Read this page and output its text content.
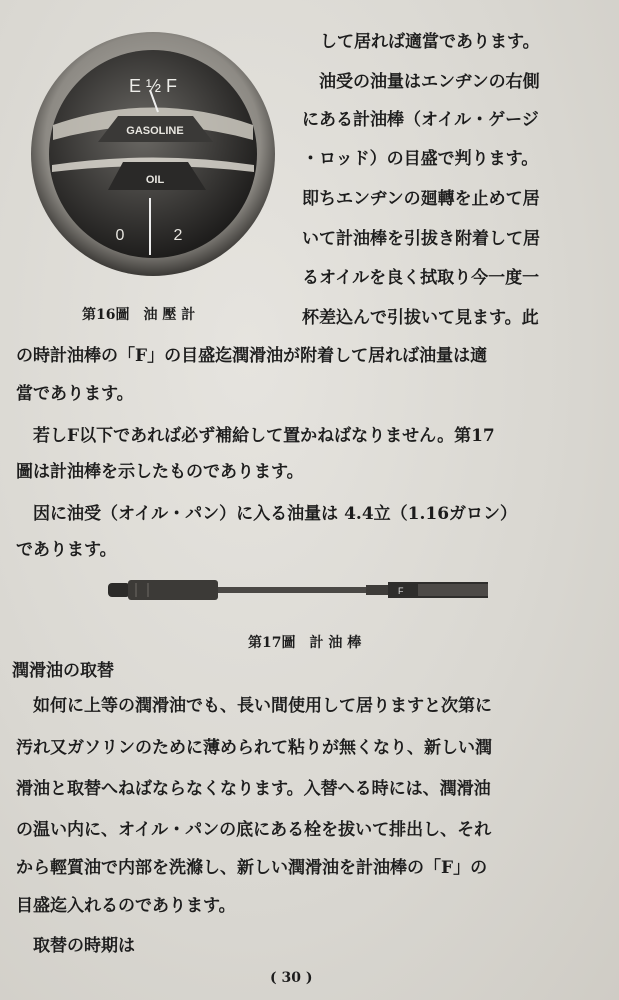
E ½ F
GASOLINE
OIL
0	2
して居れば適當であります。
　油受の油量はエンヂンの右側
にある計油棒（オイル・ゲージ
・ロッド）の目盛で判ります。
即ちエンヂンの廻轉を止めて居
いて計油棒を引拔き附着して居
るオイルを良く拭取り今一度一
杯差込んで引拔いて見ます。此
第16圖　油 壓 計
の時計油棒の「F」の目盛迄潤滑油が附着して居れば油量は適
當であります。
　若しF以下であれば必ず補給して置かねばなりません。第17
圖は計油棒を示したものであります。
　因に油受（オイル・パン）に入る油量は 4.4立（1.16ガロン）
であります。
F
第17圖　計 油 棒
潤滑油の取替
　如何に上等の潤滑油でも、長い間使用して居りますと次第に
汚れ又ガソリンのために薄められて粘りが無くなり、新しい潤
滑油と取替へねばならなくなります。入替へる時には、潤滑油
の温い内に、オイル・パンの底にある栓を拔いて排出し、それ
から輕質油で内部を洗滌し、新しい潤滑油を計油棒の「F」の
目盛迄入れるのであります。
　取替の時期は
( 30 )
